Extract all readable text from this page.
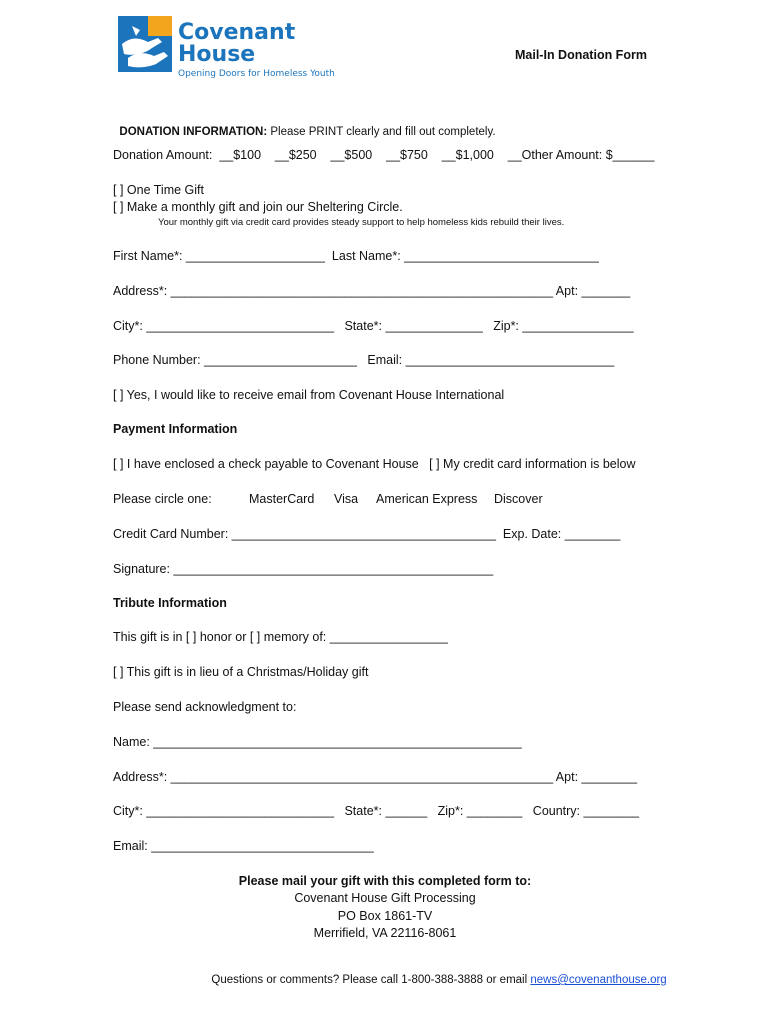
Covenant
House
Opening Doors for Homeless Youth
Mail-In Donation Form

DONATION INFORMATION: Please PRINT clearly and fill out completely.

Donation Amount:  __$100    __$250    __$500    __$750    __$1,000    __Other Amount: $______
[ ] One Time Gift
[ ] Make a monthly gift and join our Sheltering Circle.
Your monthly gift via credit card provides steady support to help homeless kids rebuild their lives.
First Name*: ____________________  Last Name*: ____________________________
Address*: _______________________________________________________ Apt: _______
City*: ___________________________   State*: ______________   Zip*: ________________
Phone Number: ______________________   Email: ______________________________
[ ] Yes, I would like to receive email from Covenant House International
Payment Information
[ ] I have enclosed a check payable to Covenant House   [ ] My credit card information is below
Please circle one:	MasterCard Visa American Express Discover
Credit Card Number: ______________________________________  Exp. Date: ________
Signature: ______________________________________________
Tribute Information
This gift is in [ ] honor or [ ] memory of: _________________
[ ] This gift is in lieu of a Christmas/Holiday gift
Please send acknowledgment to:
Name: _____________________________________________________
Address*: _______________________________________________________ Apt: ________
City*: ___________________________   State*: ______   Zip*: ________   Country: ________
Email: ________________________________
Please mail your gift with this completed form to:
Covenant House Gift Processing
PO Box 1861-TV
Merrifield, VA 22116-8061

Questions or comments? Please call 1-800-388-3888 or email news@covenanthouse.org
